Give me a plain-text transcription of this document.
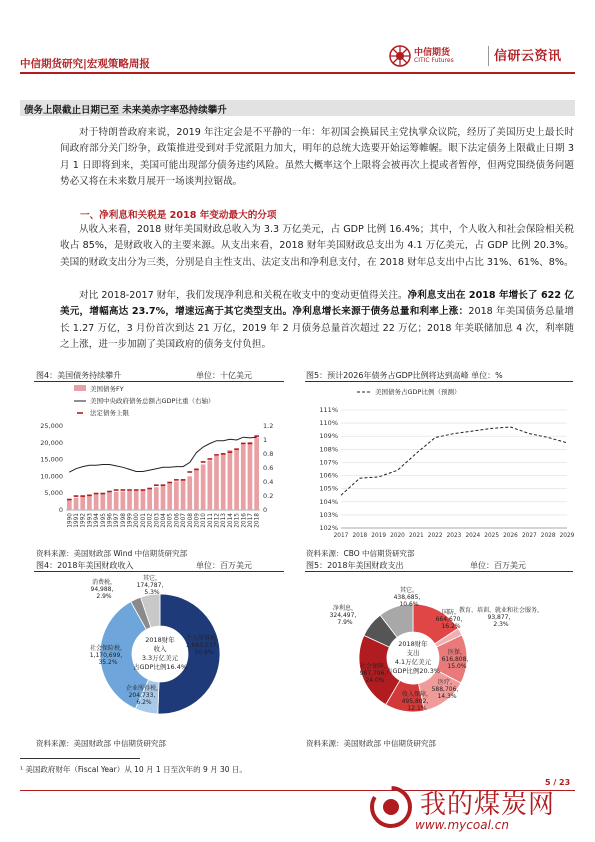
中信期货研究|宏观策略周报
中信期货
CITIC Futures	信研云资讯
债务上限截止日期已至 未来美赤字率恐持续攀升
对于特朗普政府来说，2019 年注定会是不平静的一年：年初国会换届民主党执掌众议院，经历了美国历史上最长时间政府部分关门纷争，政策推进受到对手党派阻力加大，明年的总统大选要开始运筹帷幄。眼下法定债务上限截止日期 3 月 1 日即将到来，美国可能出现部分债务违约风险。虽然大概率这个上限将会被再次上提或者暂停，但两党围绕债务问题势必又将在未来数月展开一场谈判拉锯战。
一、净利息和关税是 2018 年变动最大的分项
从收入来看，2018 财年美国财政总收入为 3.3 万亿美元，占 GDP 比例 16.4%；其中，个人收入和社会保险相关税收占 85%，是财政收入的主要来源。从支出来看，2018 财年美国财政总支出为 4.1 万亿美元，占 GDP 比例 20.3%。美国的财政支出分为三类，分别是自主性支出、法定支出和净利息支付，在 2018 财年总支出中占比 31%、61%、8%。
对比 2018-2017 财年，我们发现净利息和关税在收支中的变动更值得关注。净利息支出在 2018 年增长了 622 亿美元，增幅高达 23.7%，增速远高于其它类型支出。净利息增长来源于债务总量和利率上涨：2018 年美国债务总量增长 1.27 万亿，3 月份首次到达 21 万亿，2019 年 2 月债务总量首次超过 22 万亿；2018 年美联储加息 4 次，利率随之上涨，进一步加剧了美国政府的债务支付负担。
图4：美国债务持续攀升	单位：十亿美元
美国债务FY
美国中央政府债务总额占GDP比重（右轴）
法定债务上限
0
5,000
10,000
15,000
20,000
25,000
0
0.2
0.4
0.6
0.8
1
1.2
1990 1991 1992 1993 1994 1995 1996 1997 1998 1999 2000 2001 2002 2003 2004 2005 2006 2007 2008 2009 2010 2011 2012 2013 2014 2015 2016 2017 2018
资料来源：美国财政部 Wind 中信期货研究部
图5：预计2026年债务占GDP比例将达到高峰 单位：%
美国债务占GDP比例（预测）
102%
103%
104%
105%
106%
107%
108%
109%
110%
111%
2017 2018 2019 2020 2021 2022 2023 2024 2025 2026 2027 2028 2029
资料来源：CBO 中信期货研究部
图4：2018年美国财政收入	单位：百万美元
2018财年
收入
3.3万亿美元
占GDP比例16.4%
个人所得税，
1,683,537，
50.6%
企业所得税，
204,733，
6.2%
社会保险税，
1,170,699，
35.2%
消费税，
94,988，
2.9%
其它，
174,787，
5.3%
资料来源：美国财政部 中信期货研究部
图5：2018年美国财政支出	单位：百万美元
2018财年
支出
4.1万亿美元
占GDP比例20.3%
国防，
664,670，
16.2%
教育、培训、就业和社会服务，
93,877，
2.3%
医保，
616,808，
15.0%
医疗，
588,706，
14.3%
收入保障，
495,802，
12.1%
社会保障，
987,796，
24.0%
净利息，
324,497，
7.9%
其它，
438,685，
10.6%
资料来源：美国财政部 中信期货研究部
¹ 美国政府财年（Fiscal Year）从 10 月 1 日至次年的 9 月 30 日。
5 / 23
我的煤炭网
www.mycoal.cn
